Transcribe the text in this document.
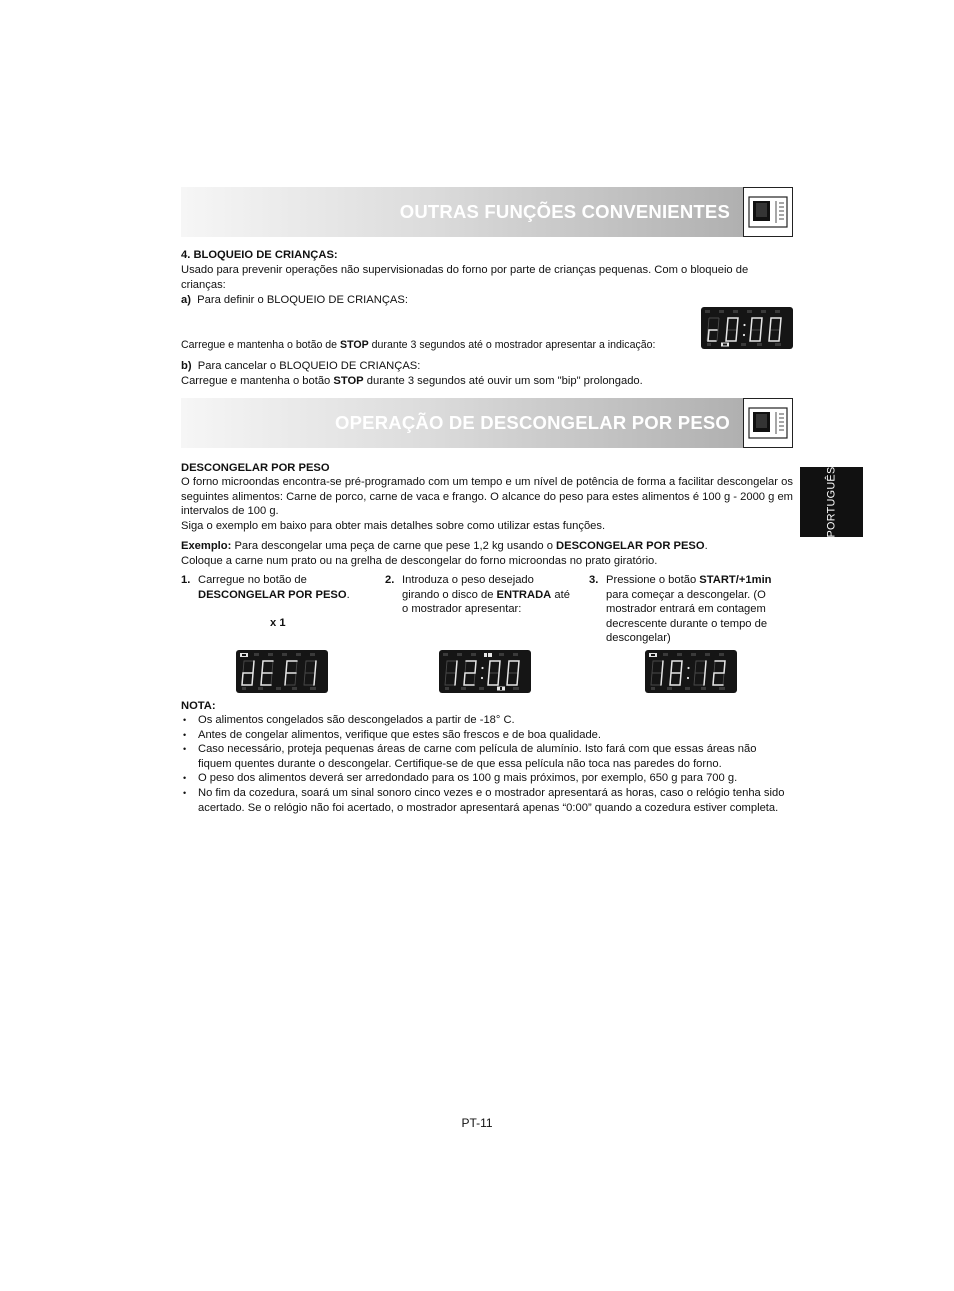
OUTRAS FUNÇÕES CONVENIENTES

4. BLOQUEIO DE CRIANÇAS:

Usado para prevenir operações não supervisionadas do forno por parte de crianças pequenas. Com o bloqueio de crianças:

a) Para definir o BLOQUEIO DE CRIANÇAS:

Carregue e mantenha o botão de STOP durante 3 segundos até o mostrador apresentar a indicação:

b) Para cancelar o BLOQUEIO DE CRIANÇAS:

Carregue e mantenha o botão STOP durante 3 segundos até ouvir um som "bip" prolongado.

OPERAÇÃO DE DESCONGELAR POR PESO

DESCONGELAR POR PESO

O forno microondas encontra-se pré-programado com um tempo e um nível de potência de forma a facilitar descongelar os seguintes alimentos: Carne de porco, carne de vaca e frango. O alcance do peso para estes alimentos é 100 g - 2000 g em intervalos de 100 g.

Siga o exemplo em baixo para obter mais detalhes sobre como utilizar estas funções.

Exemplo: Para descongelar uma peça de carne que pese 1,2 kg usando o DESCONGELAR POR PESO.

Coloque a carne num prato ou na grelha de descongelar do forno microondas no prato giratório.

1. Carregue no botão de DESCONGELAR POR PESO.

x 1

2. Introduza o peso desejado girando o disco de ENTRADA até o mostrador apresentar:
3. Pressione o botão START/+1min para começar a descongelar. (O mostrador entrará em contagem decrescente durante o tempo de descongelar)

NOTA:

• Os alimentos congelados são descongelados a partir de -18° C.
• Antes de congelar alimentos, verifique que estes são frescos e de boa qualidade.
• Caso necessário, proteja pequenas áreas de carne com película de alumínio. Isto fará com que essas áreas não fiquem quentes durante o descongelar. Certifique-se de que essa película não toca nas paredes do forno.
• O peso dos alimentos deverá ser arredondado para os 100 g mais próximos, por exemplo, 650 g para 700 g.
• No fim da cozedura, soará um sinal sonoro cinco vezes e o mostrador apresentará as horas, caso o relógio tenha sido acertado. Se o relógio não foi acertado, o mostrador apresentará apenas “0:00” quando a cozedura estiver completa.
PORTUGUÊS

PT-11
